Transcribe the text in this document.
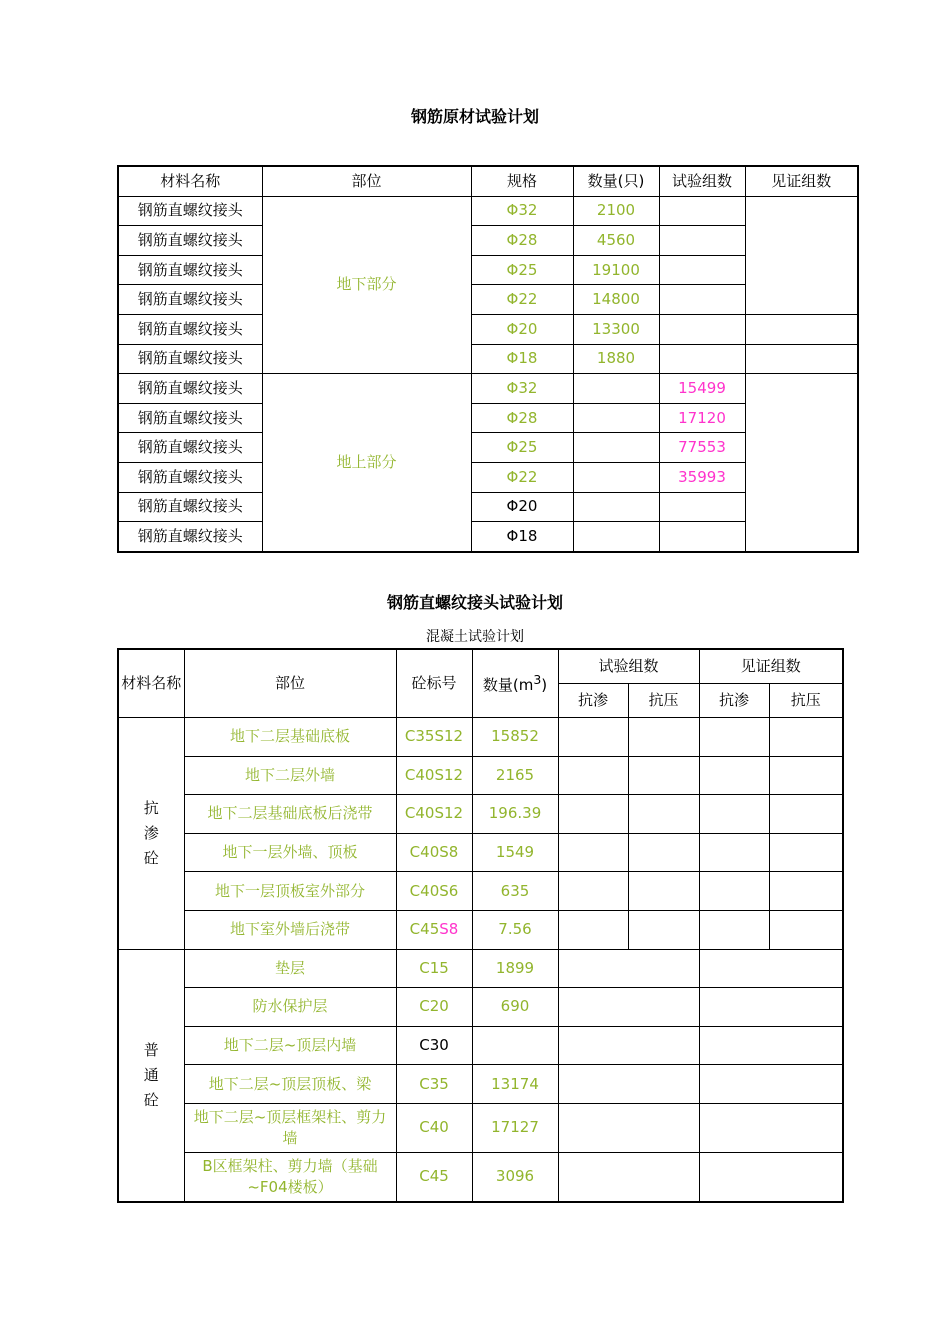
钢筋原材试验计划
材料名称	部位	规格	数量(只)	试验组数	见证组数
钢筋直螺纹接头	地下部分	Φ32	2100		
钢筋直螺纹接头		Φ28	4560		
钢筋直螺纹接头		Φ25	19100		
钢筋直螺纹接头		Φ22	14800		
钢筋直螺纹接头		Φ20	13300		
钢筋直螺纹接头		Φ18	1880		
钢筋直螺纹接头	地上部分	Φ32		15499	
钢筋直螺纹接头		Φ28		17120	
钢筋直螺纹接头		Φ25		77553	
钢筋直螺纹接头		Φ22		35993	
钢筋直螺纹接头		Φ20			
钢筋直螺纹接头		Φ18			
钢筋直螺纹接头试验计划
混凝土试验计划
材料名称	部位	砼标号	数量$(m^3)$	试验组数		见证组数	
				抗渗	抗压	抗渗	抗压
抗渗砼	地下二层基础底板	C35S12	15852				
	地下二层外墙	C40S12	2165				
	地下二层基础底板后浇带	C40S12	196.39				
	地下一层外墙、顶板	C40S8	1549				
	地下一层顶板室外部分	C40S6	635				
	地下室外墙后浇带	C45S8	7.56				
普通砼	垫层	C15	1899				
	防水保护层	C20	690				
	地下二层~顶层内墙	C30					
	地下二层~顶层顶板、梁	C35	13174				
	地下二层~顶层框架柱、剪力墙	C40	17127				
	B区框架柱、剪力墙（基础~F04楼板）	C45	3096				
